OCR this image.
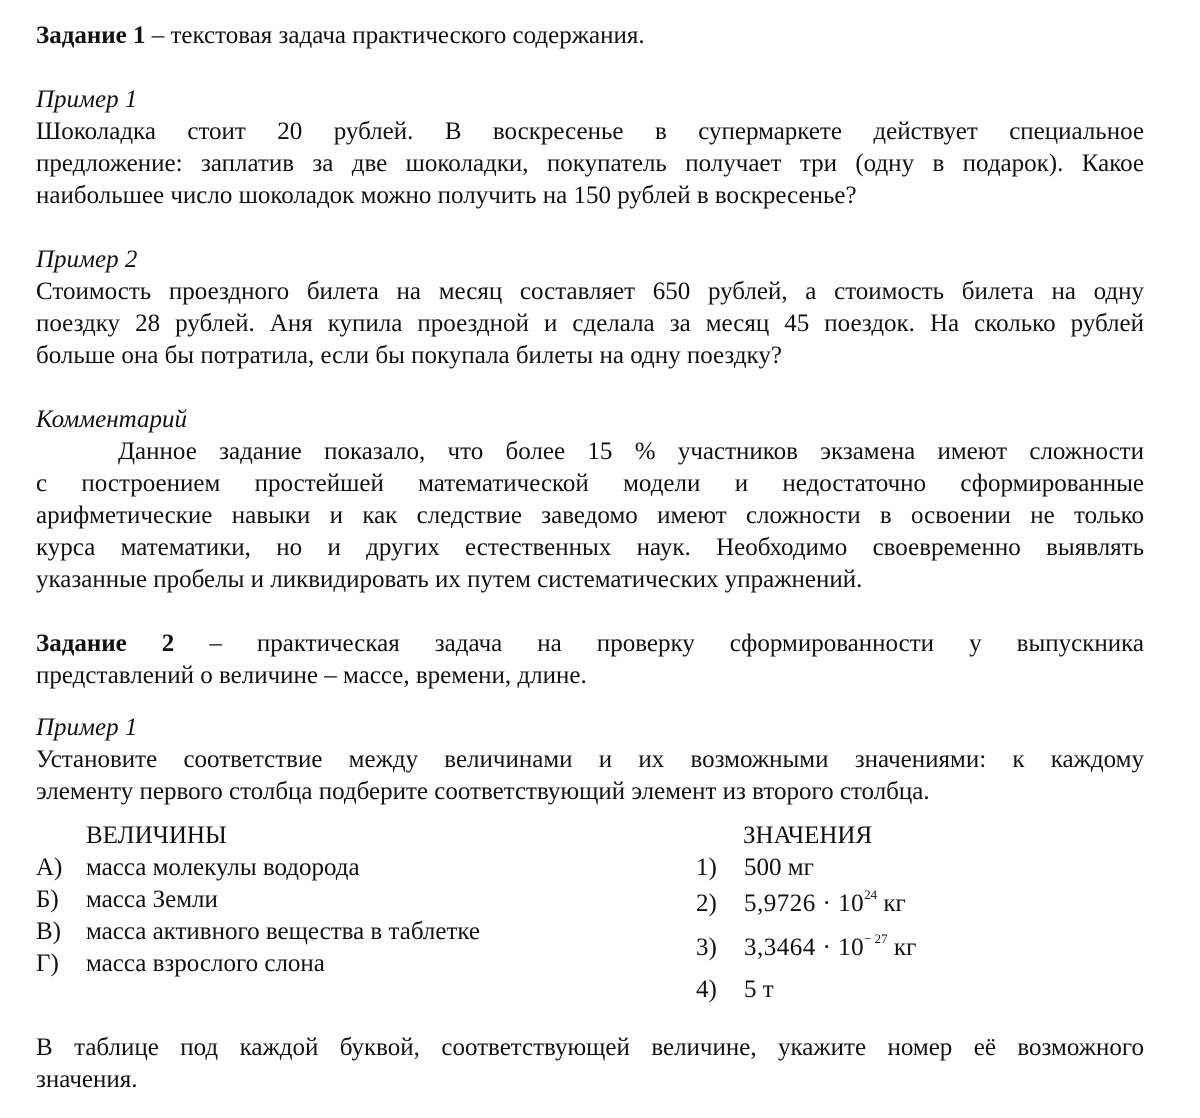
Задание 1 – текстовая задача практического содержания.

Пример 1

Шоколадка стоит 20 рублей. В воскресенье в супермаркете действует специальное

предложение: заплатив за две шоколадки, покупатель получает три (одну в подарок). Какое

наибольшее число шоколадок можно получить на 150 рублей в воскресенье?

Пример 2

Стоимость проездного билета на месяц составляет 650 рублей, а стоимость билета на одну

поездку 28 рублей. Аня купила проездной и сделала за месяц 45 поездок. На сколько рублей

больше она бы потратила, если бы покупала билеты на одну поездку?

Комментарий

Данное задание показало, что более 15 % участников экзамена имеют сложности

с построением простейшей математической модели и недостаточно сформированные

арифметические навыки и как следствие заведомо имеют сложности в освоении не только

курса математики, но и других естественных наук. Необходимо своевременно выявлять

указанные пробелы и ликвидировать их путем систематических упражнений.

Задание 2 – практическая задача на проверку сформированности у выпускника

представлений о величине – массе, времени, длине.

Пример 1

Установите соответствие между величинами и их возможными значениями: к каждому

элементу первого столбца подберите соответствующий элемент из второго столбца.

ВЕЛИЧИНЫ	ЗНАЧЕНИЯ
А) масса молекулы водорода
Б) масса Земли
В) масса активного вещества в таблетке
Г) масса взрослого слона
1) 500 мг
2) $5,9726 \cdot 10^{24}$ кг
3) $3,3464 \cdot 10^{- 27}$ кг
4) 5 т

В таблице под каждой буквой, соответствующей величине, укажите номер её возможного

значения.
